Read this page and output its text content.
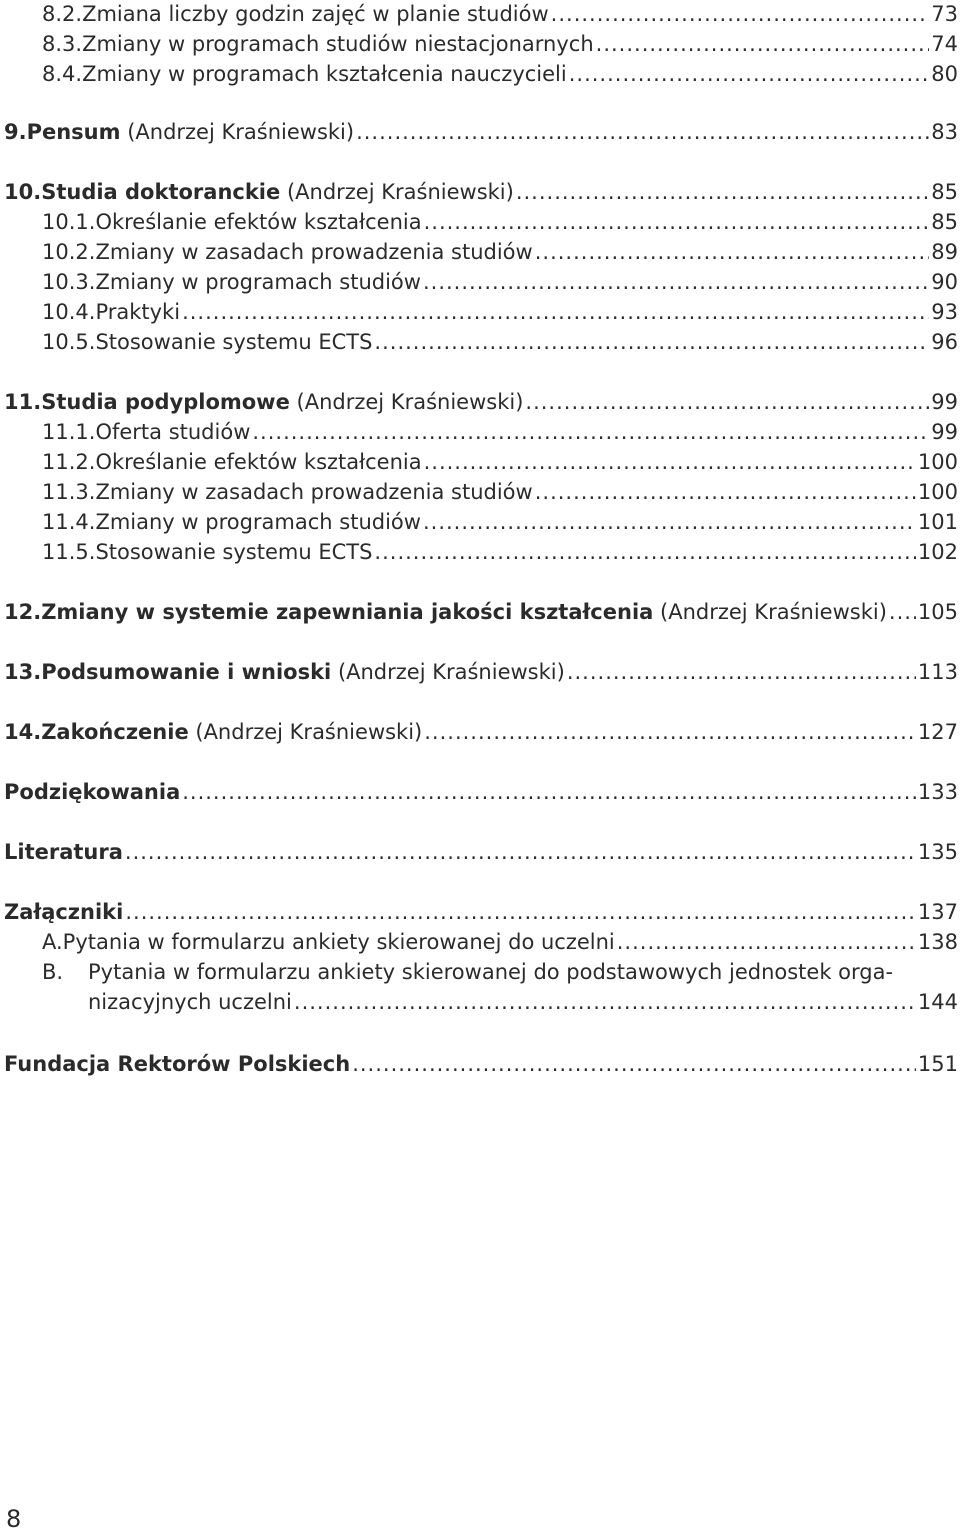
8.2. Zmiana liczby godzin zajęć w planie studiów .....	73
8.3. Zmiany w programach studiów niestacjonarnych .....	74
8.4. Zmiany w programach kształcenia nauczycieli .....	80
9. Pensum (Andrzej Kraśniewski) .....	83
10. Studia doktoranckie (Andrzej Kraśniewski) .....	85
10.1. Określanie efektów kształcenia .....	85
10.2. Zmiany w zasadach prowadzenia studiów .....	89
10.3. Zmiany w programach studiów .....	90
10.4. Praktyki .....	93
10.5. Stosowanie systemu ECTS .....	96
11. Studia podyplomowe (Andrzej Kraśniewski) .....	99
11.1. Oferta studiów .....	99
11.2. Określanie efektów kształcenia .....	100
11.3. Zmiany w zasadach prowadzenia studiów .....	100
11.4. Zmiany w programach studiów .....	101
11.5. Stosowanie systemu ECTS .....	102
12. Zmiany w systemie zapewniania jakości kształcenia (Andrzej Kraśniewski) ..... 105
13. Podsumowanie i wnioski (Andrzej Kraśniewski) .....	113
14. Zakończenie (Andrzej Kraśniewski) .....	127
Podziękowania .....	133
Literatura .....	135
Załączniki .....	137
A. Pytania w formularzu ankiety skierowanej do uczelni .....	138
B. Pytania w formularzu ankiety skierowanej do podstawowych jednostek orga-
nizacyjnych uczelni .....	144
Fundacja Rektorów Polskiech .....	151
8
